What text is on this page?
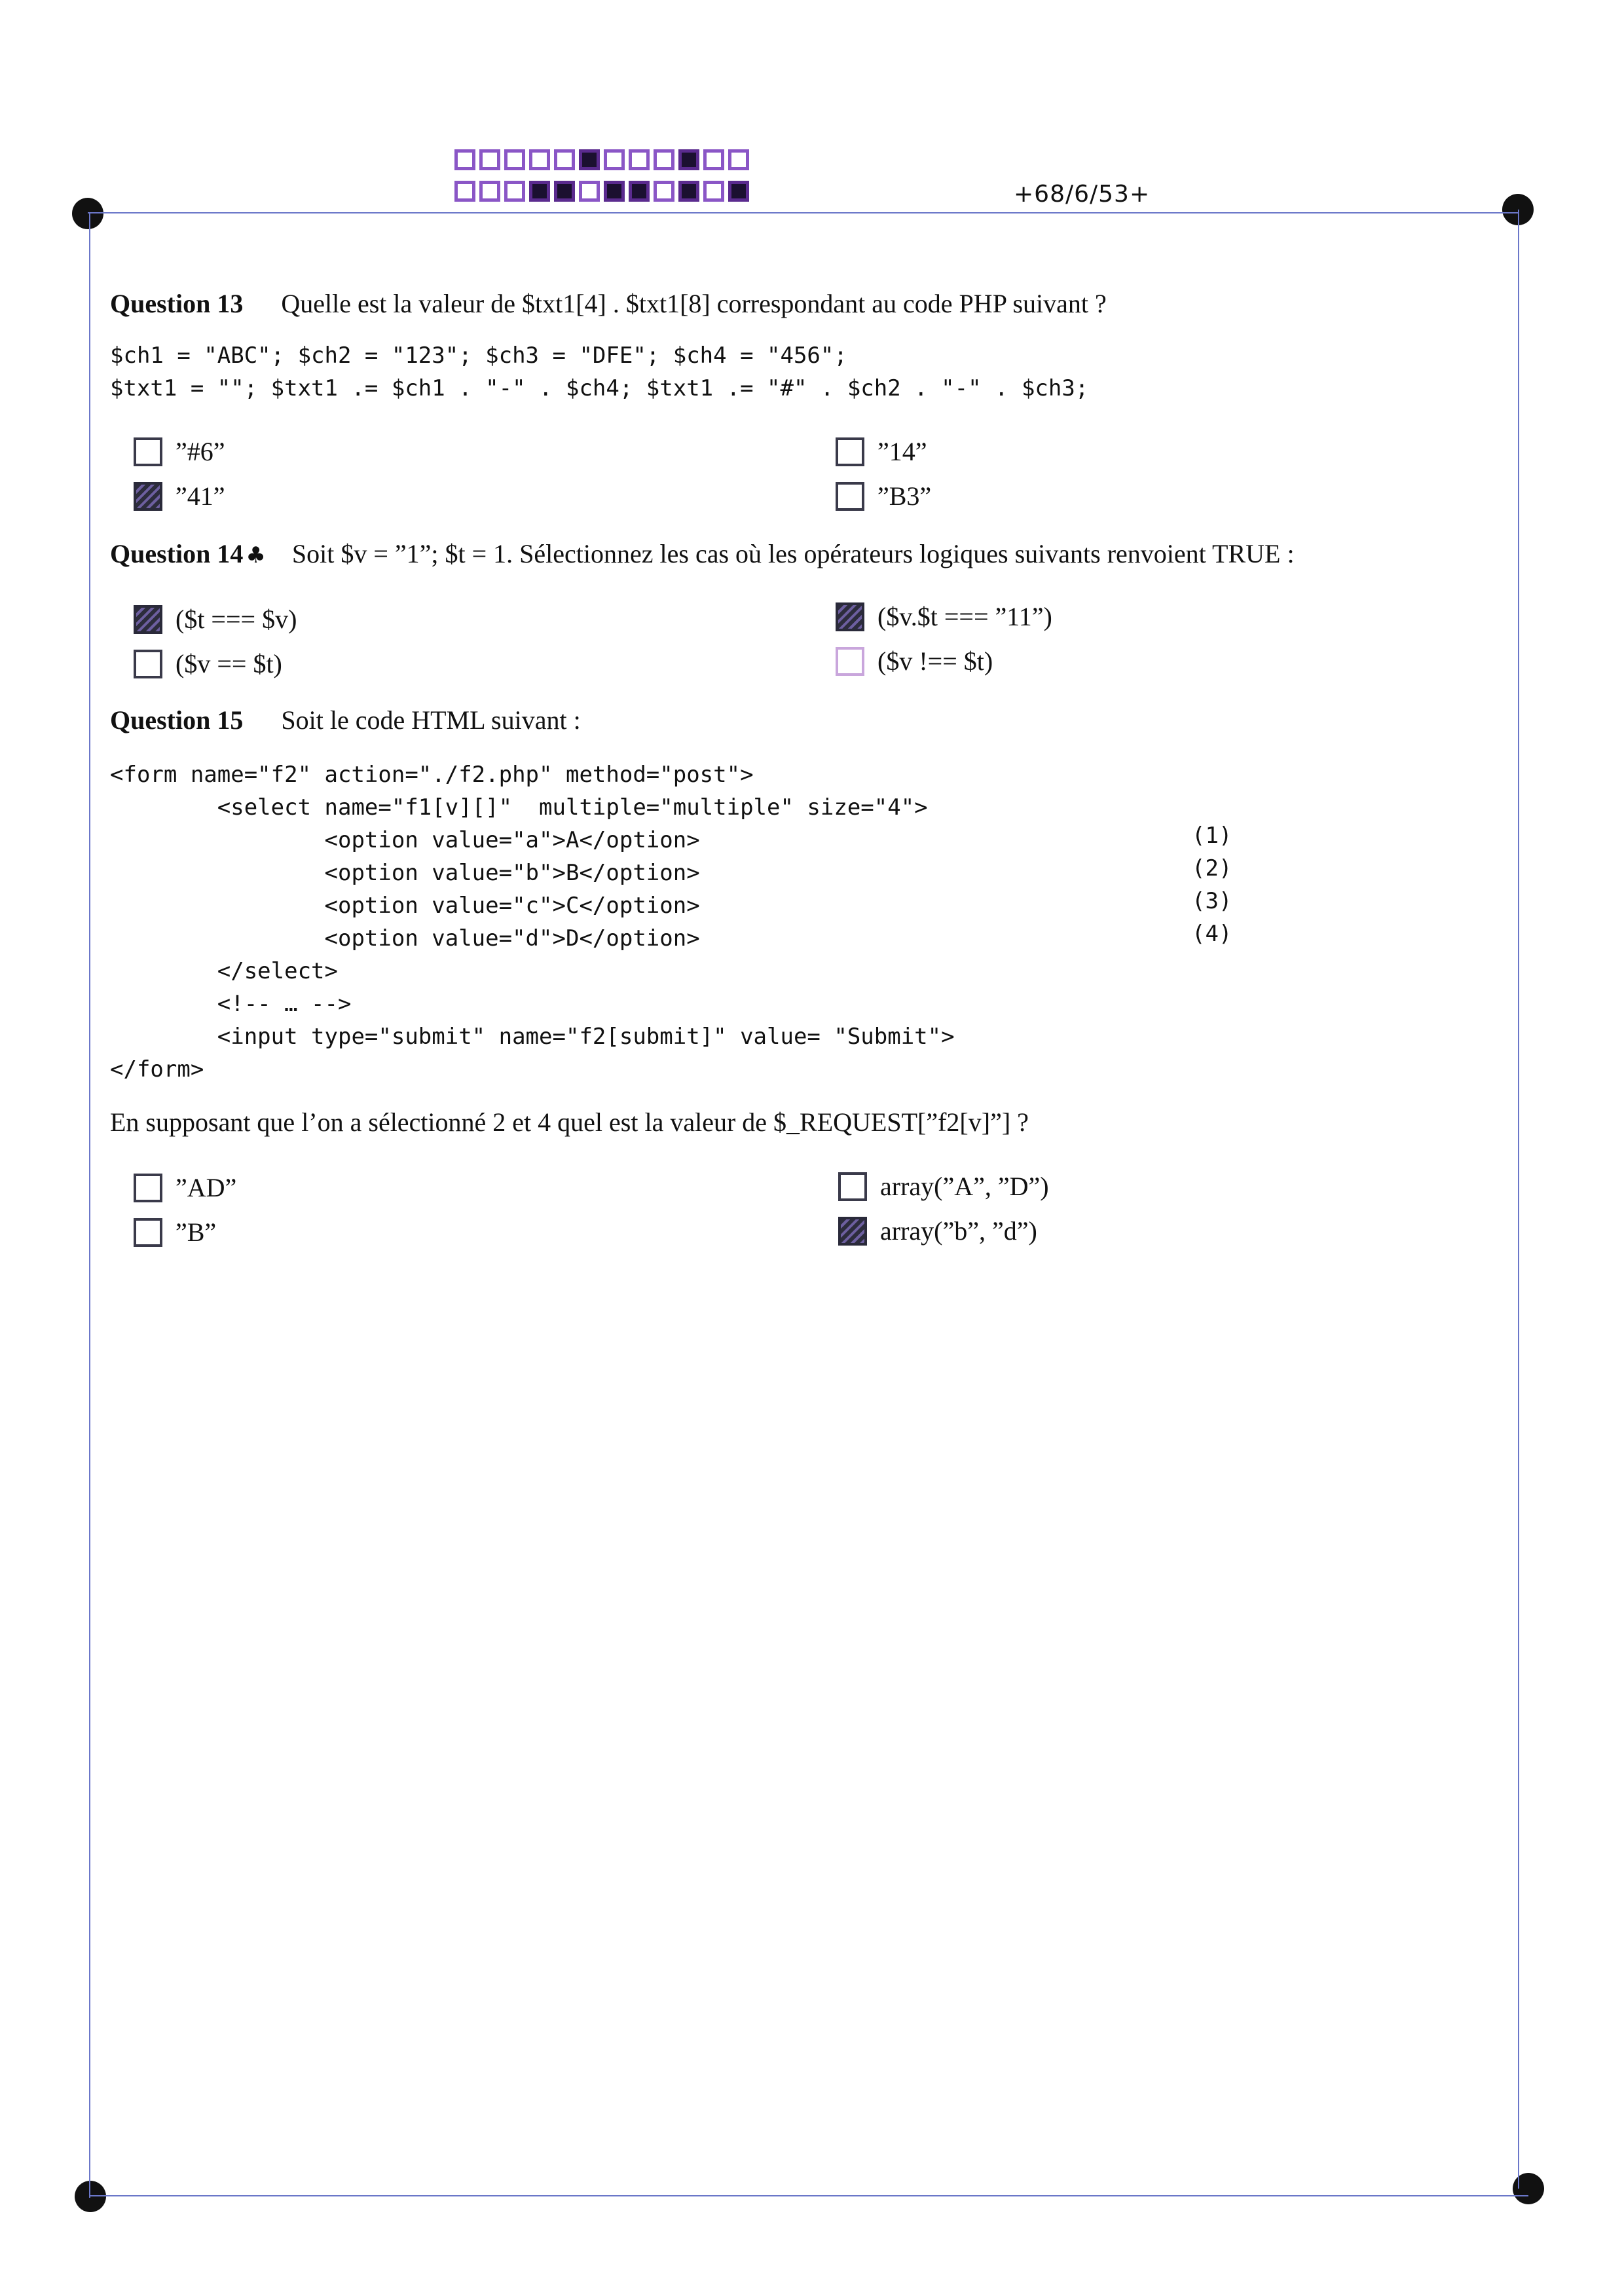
+68/6/53+
Question 13 Quelle est la valeur de $txt1[4] . $txt1[8] correspondant au code PHP suivant ?
$ch1 = "ABC"; $ch2 = "123"; $ch3 = "DFE"; $ch4 = "456";
$txt1 = ""; $txt1 .= $ch1 . "-" . $ch4; $txt1 .= "#" . $ch2 . "-" . $ch3;
”#6”
”41”
”14”
”B3”
Question 14 ♣ Soit $v = ”1”; $t = 1. Sélectionnez les cas où les opérateurs logiques suivants renvoient TRUE :
($t === $v)
($v == $t)
($v.$t === ”11”)
($v !== $t)
Question 15 Soit le code HTML suivant :
<form name="f2" action="./f2.php" method="post">
<select name="f1[v][]"  multiple="multiple" size="4">
<option value="a">A</option>
<option value="b">B</option>
<option value="c">C</option>
<option value="d">D</option>
</select>
<!-- … -->
<input type="submit" name="f2[submit]" value= "Submit">
</form>
(1)
(2)
(3)
(4)
En supposant que l’on a sélectionné 2 et 4 quel est la valeur de $_REQUEST[”f2[v]”] ?
”AD”
”B”
array(”A”, ”D”)
array(”b”, ”d”)
